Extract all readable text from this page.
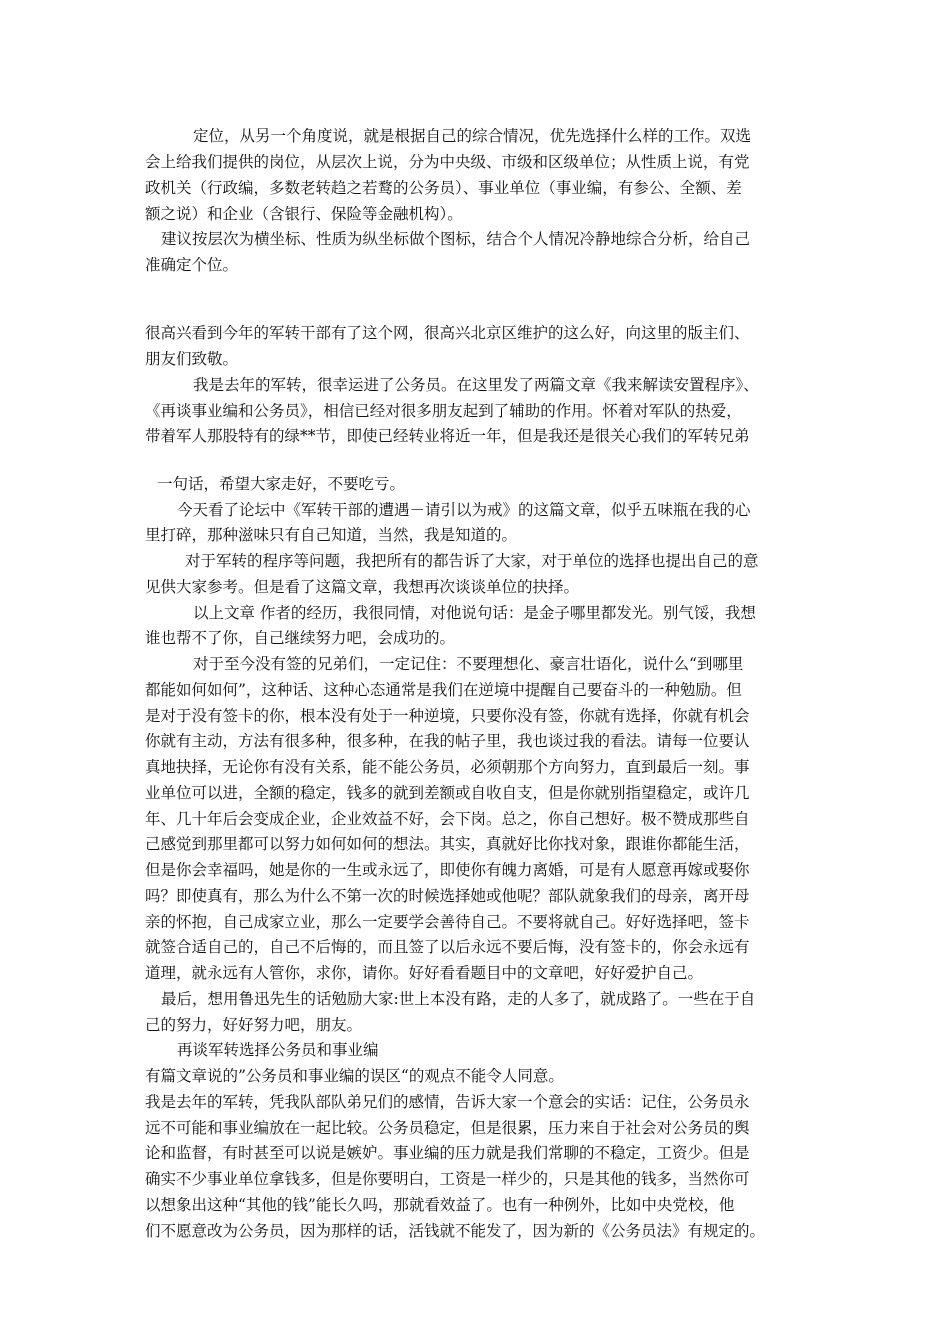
定位，从另一个角度说，就是根据自己的综合情况，优先选择什么样的工作。双选

会上给我们提供的岗位，从层次上说，分为中央级、市级和区级单位；从性质上说，有党

政机关（行政编，多数老转趋之若鹜的公务员）、事业单位（事业编，有参公、全额、差

额之说）和企业（含银行、保险等金融机构）。

建议按层次为横坐标、性质为纵坐标做个图标，结合个人情况冷静地综合分析，给自己

准确定个位。

很高兴看到今年的军转干部有了这个网，很高兴北京区维护的这么好，向这里的版主们、

朋友们致敬。

我是去年的军转，很幸运进了公务员。在这里发了两篇文章《我来解读安置程序》、

《再谈事业编和公务员》，相信已经对很多朋友起到了辅助的作用。怀着对军队的热爱，

带着军人那股特有的绿**节，即使已经转业将近一年，但是我还是很关心我们的军转兄弟

一句话，希望大家走好，不要吃亏。

今天看了论坛中《军转干部的遭遇－请引以为戒》的这篇文章，似乎五味瓶在我的心

里打碎，那种滋味只有自己知道，当然，我是知道的。

对于军转的程序等问题，我把所有的都告诉了大家，对于单位的选择也提出自己的意

见供大家参考。但是看了这篇文章，我想再次谈谈单位的抉择。

以上文章 作者的经历，我很同情，对他说句话：是金子哪里都发光。别气馁，我想

谁也帮不了你，自己继续努力吧，会成功的。

对于至今没有签的兄弟们，一定记住：不要理想化、豪言壮语化，说什么“到哪里

都能如何如何”，这种话、这种心态通常是我们在逆境中提醒自己要奋斗的一种勉励。但

是对于没有签卡的你，根本没有处于一种逆境，只要你没有签，你就有选择，你就有机会

你就有主动，方法有很多种，很多种，在我的帖子里，我也谈过我的看法。请每一位要认

真地抉择，无论你有没有关系，能不能公务员，必须朝那个方向努力，直到最后一刻。事

业单位可以进，全额的稳定，钱多的就到差额或自收自支，但是你就别指望稳定，或许几

年、几十年后会变成企业，企业效益不好，会下岗。总之，你自己想好。极不赞成那些自

己感觉到那里都可以努力如何如何的想法。其实，真就好比你找对象，跟谁你都能生活，

但是你会幸福吗，她是你的一生或永远了，即使你有魄力离婚，可是有人愿意再嫁或娶你

吗？即使真有，那么为什么不第一次的时候选择她或他呢？部队就象我们的母亲，离开母

亲的怀抱，自己成家立业，那么一定要学会善待自己。不要将就自己。好好选择吧，签卡

就签合适自己的，自己不后悔的，而且签了以后永远不要后悔，没有签卡的，你会永远有

道理，就永远有人管你，求你，请你。好好看看题目中的文章吧，好好爱护自己。

最后，想用鲁迅先生的话勉励大家:世上本没有路，走的人多了，就成路了。一些在于自

己的努力，好好努力吧，朋友。

再谈军转选择公务员和事业编

有篇文章说的”公务员和事业编的误区“的观点不能令人同意。

我是去年的军转，凭我队部队弟兄们的感情，告诉大家一个意会的实话：记住，公务员永

远不可能和事业编放在一起比较。公务员稳定，但是很累，压力来自于社会对公务员的舆

论和监督，有时甚至可以说是嫉妒。事业编的压力就是我们常聊的不稳定，工资少。但是

确实不少事业单位拿钱多，但是你要明白，工资是一样少的，只是其他的钱多，当然你可

以想象出这种“其他的钱”能长久吗，那就看效益了。也有一种例外，比如中央党校，他

们不愿意改为公务员，因为那样的话，活钱就不能发了，因为新的《公务员法》有规定的。
